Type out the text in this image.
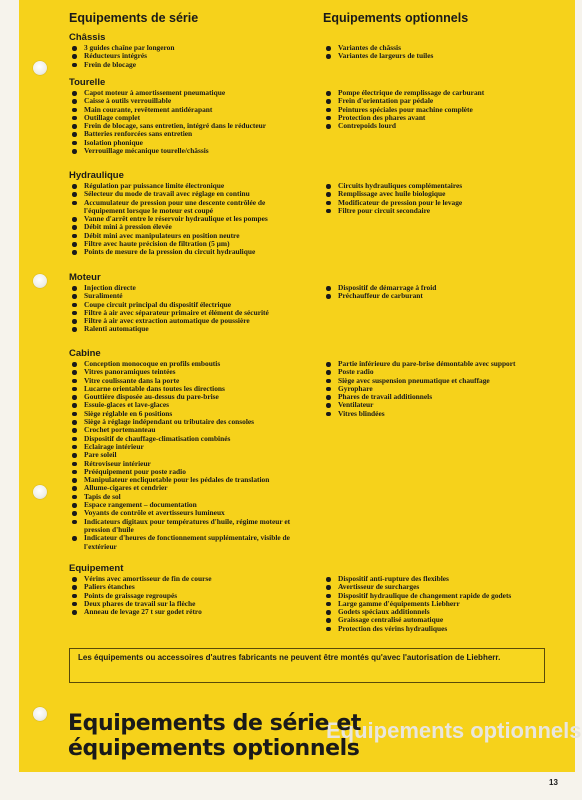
Equipements de série	Equipements optionnels
Châssis
3 guides chaîne par longeron
Réducteurs intégrés
Frein de blocage
Tourelle
Capot moteur à amortissement pneumatique
Caisse à outils verrouillable
Main courante, revêtement antidérapant
Outillage complet
Frein de blocage, sans entretien, intégré dans le réducteur
Batteries renforcées sans entretien
Isolation phonique
Verrouillage mécanique tourelle/châssis
Hydraulique
Régulation par puissance limite électronique
Sélecteur du mode de travail avec réglage en continu
Accumulateur de pression pour une descente contrôlée de l'équipement lorsque le moteur est coupé
Vanne d'arrêt entre le réservoir hydraulique et les pompes
Débit mini à pression élevée
Débit mini avec manipulateurs en position neutre
Filtre avec haute précision de filtration (5 µm)
Points de mesure de la pression du circuit hydraulique
Moteur
Injection directe
Suralimenté
Coupe circuit principal du dispositif électrique
Filtre à air avec séparateur primaire et élément de sécurité
Filtre à air avec extraction automatique de poussière
Ralenti automatique
Cabine
Conception monocoque en profils emboutis
Vitres panoramiques teintées
Vitre coulissante dans la porte
Lucarne orientable dans toutes les directions
Gouttière disposée au-dessus du pare-brise
Essuie-glaces et lave-glaces
Siège réglable en 6 positions
Siège à réglage indépendant ou tributaire des consoles
Crochet portemanteau
Dispositif de chauffage-climatisation combinés
Eclairage intérieur
Pare soleil
Rétroviseur intérieur
Prééquipement pour poste radio
Manipulateur encliquetable pour les pédales de translation
Allume-cigares et cendrier
Tapis de sol
Espace rangement – documentation
Voyants de contrôle et avertisseurs lumineux
Indicateurs digitaux pour températures d'huile, régime moteur et pression d'huile
Indicateur d'heures de fonctionnement supplémentaire, visible de l'extérieur
Equipement
Vérins avec amortisseur de fin de course
Paliers étanches
Points de graissage regroupés
Deux phares de travail sur la flèche
Anneau de levage 27 t sur godet rétro
Variantes de châssis
Variantes de largeurs de tuiles
Pompe électrique de remplissage de carburant
Frein d'orientation par pédale
Peintures spéciales pour machine complète
Protection des phares avant
Contrepoids lourd
Circuits hydrauliques complémentaires
Remplissage avec huile biologique
Modificateur de pression pour le levage
Filtre pour circuit secondaire
Dispositif de démarrage à froid
Préchauffeur de carburant
Partie inférieure du pare-brise démontable avec support
Poste radio
Siège avec suspension pneumatique et chauffage
Gyrophare
Phares de travail additionnels
Ventilateur
Vitres blindées
Dispositif anti-rupture des flexibles
Avertisseur de surcharges
Dispositif hydraulique de changement rapide de godets
Large gamme d'équipements Liebherr
Godets spéciaux additionnels
Graissage centralisé automatique
Protection des vérins hydrauliques
Les équipements ou accessoires d'autres fabricants ne peuvent être montés qu'avec l'autorisation de Liebherr.
Equipements optionnels
Equipements de série et
équipements optionnels
13
